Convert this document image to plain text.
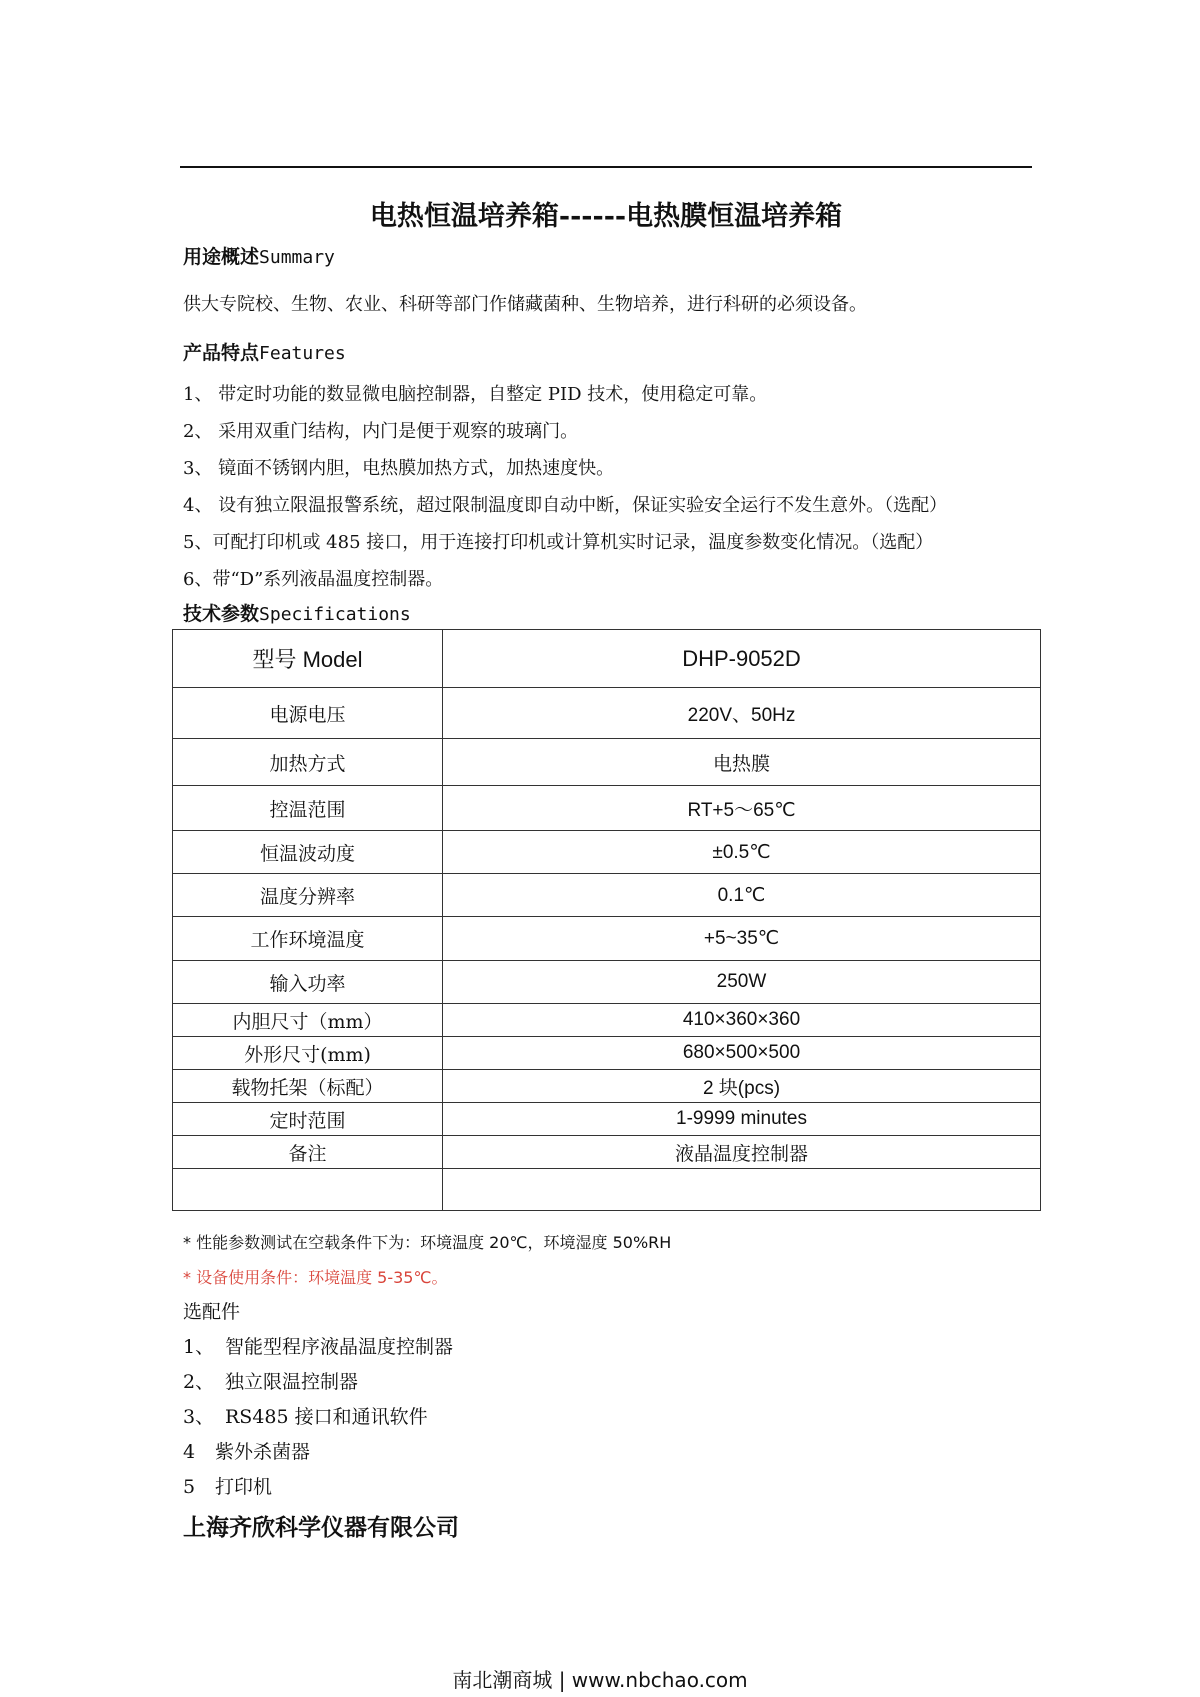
电热恒温培养箱------电热膜恒温培养箱
用途概述Summary
供大专院校、生物、农业、科研等部门作储藏菌种、生物培养，进行科研的必须设备。
产品特点Features
1、 带定时功能的数显微电脑控制器，自整定 PID 技术，使用稳定可靠。
2、 采用双重门结构，内门是便于观察的玻璃门。
3、 镜面不锈钢内胆，电热膜加热方式，加热速度快。
4、 设有独立限温报警系统，超过限制温度即自动中断，保证实验安全运行不发生意外。（选配）
5、可配打印机或 485 接口，用于连接打印机或计算机实时记录，温度参数变化情况。（选配）
6、带“D”系列液晶温度控制器。
技术参数Specifications
型号 Model	DHP-9052D
电源电压	220V、50Hz
加热方式	电热膜
控温范围	RT+5～65℃
恒温波动度	±0.5℃
温度分辨率	0.1℃
工作环境温度	+5~35℃
输入功率	250W
内胆尺寸（mm）	410×360×360
外形尺寸(mm)	680×500×500
载物托架（标配）	2 块(pcs)
定时范围	1-9999 minutes
备注	液晶温度控制器

* 性能参数测试在空载条件下为：环境温度 20℃，环境湿度 50%RH
* 设备使用条件：环境温度 5-35℃。
选配件
1、 智能型程序液晶温度控制器
2、 独立限温控制器
3、 RS485 接口和通讯软件
4 紫外杀菌器
5 打印机
上海齐欣科学仪器有限公司
南北潮商城 | www.nbchao.com
